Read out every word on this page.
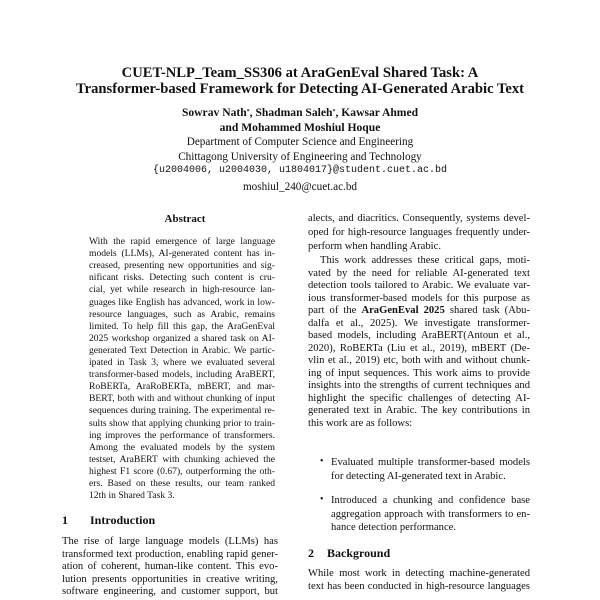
CUET-NLP_Team_SS306 at AraGenEval Shared Task: A
Transformer-based Framework for Detecting AI-Generated Arabic Text
Sowrav Nath*, Shadman Saleh*, Kawsar Ahmed
and Mohammed Moshiul Hoque
Department of Computer Science and Engineering
Chittagong University of Engineering and Technology
{u2004006, u2004030, u1804017}@student.cuet.ac.bd
moshiul_240@cuet.ac.bd
Abstract
1 Introduction
2 Background
With the rapid emergence of large language
models (LLMs), AI-generated content has in-
creased, presenting new opportunities and sig-
nificant risks. Detecting such content is cru-
cial, yet while research in high-resource lan-
guages like English has advanced, work in low-
resource languages, such as Arabic, remains
limited. To help fill this gap, the AraGenEval
2025 workshop organized a shared task on AI-
generated Text Detection in Arabic. We partic-
ipated in Task 3, where we evaluated several
transformer-based models, including AraBERT,
RoBERTa, AraRoBERTa, mBERT, and mar-
BERT, both with and without chunking of input
sequences during training. The experimental re-
sults show that applying chunking prior to train-
ing improves the performance of transformers.
Among the evaluated models by the system
testset, AraBERT with chunking achieved the
highest F1 score (0.67), outperforming the oth-
ers. Based on these results, our team ranked
12th in Shared Task 3.
The rise of large language models (LLMs) has
transformed text production, enabling rapid gener-
ation of coherent, human-like content. This evo-
lution presents opportunities in creative writing,
software engineering, and customer support, but
alects, and diacritics. Consequently, systems devel-
oped for high-resource languages frequently under-
perform when handling Arabic.
This work addresses these critical gaps, moti-
vated by the need for reliable AI-generated text
detection tools tailored to Arabic. We evaluate var-
ious transformer-based models for this purpose as
part of the AraGenEval 2025 shared task (Abu-
dalfa et al., 2025). We investigate transformer-
based models, including AraBERT(Antoun et al.,
2020), RoBERTa (Liu et al., 2019), mBERT (De-
vlin et al., 2019) etc, both with and without chunk-
ing of input sequences. This work aims to provide
insights into the strengths of current techniques and
highlight the specific challenges of detecting AI-
generated text in Arabic. The key contributions in
this work are as follows:
• Evaluated multiple transformer-based models
for detecting AI-generated text in Arabic.
• Introduced a chunking and confidence base
aggregation approach with transformers to en-
hance detection performance.
While most work in detecting machine-generated
text has been conducted in high-resource languages
